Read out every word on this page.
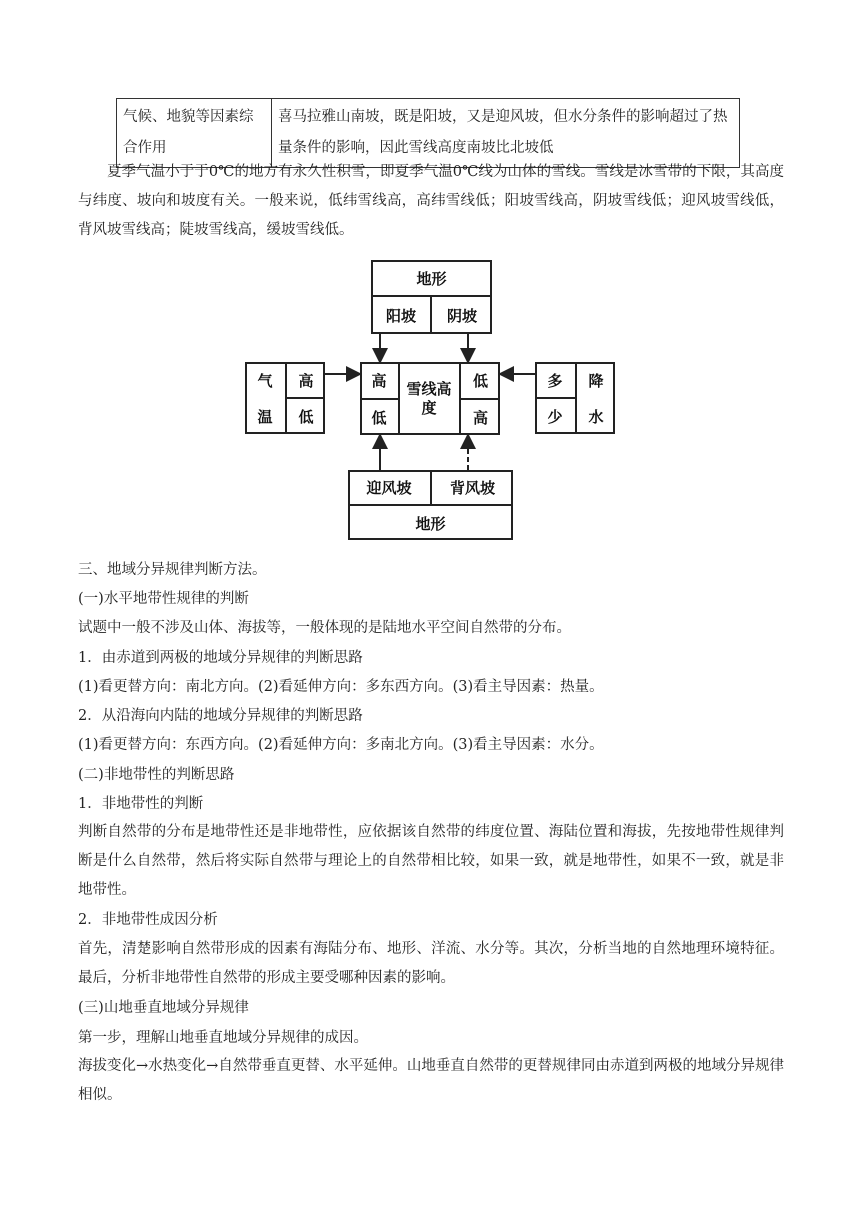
气候、地貌等因素综合作用	喜马拉雅山南坡，既是阳坡，又是迎风坡，但水分条件的影响超过了热量条件的影响，因此雪线高度南坡比北坡低
夏季气温小于于0℃的地方有永久性积雪，即夏季气温0℃线为山体的雪线。雪线是冰雪带的下限，其高度与纬度、坡向和坡度有关。一般来说，低纬雪线高，高纬雪线低；阳坡雪线高，阴坡雪线低；迎风坡雪线低，背风坡雪线高；陡坡雪线高，缓坡雪线低。
地形
阳坡	阴坡
气
温
高
低
高
低
雪线高度
低
高
多
少
降
水
迎风坡	背风坡
地形
三、地域分异规律判断方法。
(一)水平地带性规律的判断
试题中一般不涉及山体、海拔等，一般体现的是陆地水平空间自然带的分布。
1．由赤道到两极的地域分异规律的判断思路
(1)看更替方向：南北方向。(2)看延伸方向：多东西方向。(3)看主导因素：热量。
2．从沿海向内陆的地域分异规律的判断思路
(1)看更替方向：东西方向。(2)看延伸方向：多南北方向。(3)看主导因素：水分。
(二)非地带性的判断思路
1．非地带性的判断
判断自然带的分布是地带性还是非地带性，应依据该自然带的纬度位置、海陆位置和海拔，先按地带性规律判断是什么自然带，然后将实际自然带与理论上的自然带相比较，如果一致，就是地带性，如果不一致，就是非地带性。
2．非地带性成因分析
首先，清楚影响自然带形成的因素有海陆分布、地形、洋流、水分等。其次，分析当地的自然地理环境特征。最后，分析非地带性自然带的形成主要受哪种因素的影响。
(三)山地垂直地域分异规律
第一步，理解山地垂直地域分异规律的成因。
海拔变化→水热变化→自然带垂直更替、水平延伸。山地垂直自然带的更替规律同由赤道到两极的地域分异规律相似。
